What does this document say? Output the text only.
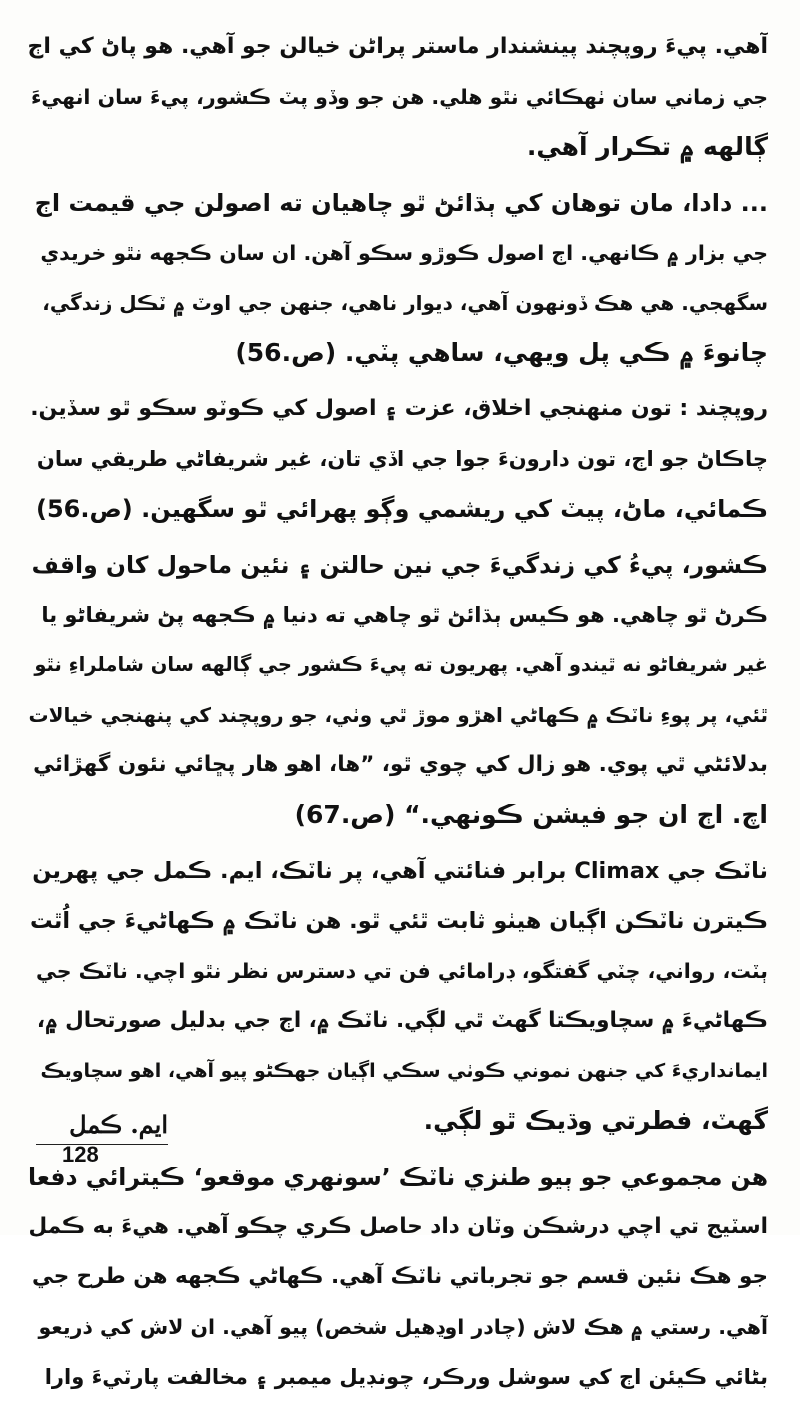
آهي. پيءَ روپچند پينشندار ماستر پراڻن خيالن جو آهي. هو پاڻ کي اڄ
جي زماني سان ٺهڪائي نٿو هلي. هن جو وڏو پٽ ڪشور، پيءَ سان انهيءَ
ڳالهه ۾ تڪرار آهي.
... دادا، مان توهان کي ٻڌائڻ ٿو چاهيان ته اصولن جي قيمت اڄ
جي بزار ۾ ڪانهي. اڄ اصول ڪوڙو سڪو آهن. ان سان ڪجهه نٿو خريدي
سگهجي. هي هڪ ڏونهون آهي، ديوار ناهي، جنهن جي اوٽ ۾ ٽڪل زندگي،
چانوءَ ۾ ڪي پل ويهي، ساهي پٽي. (ص.56)
روپچند : تون منهنجي اخلاق، عزت ۽ اصول کي ڪوٽو سڪو ٿو سڏين.
چاڪاڻ جو اڄ، تون دارونءَ جوا جي اڏي تان، غير شريفاڻي طريقي سان
ڪمائي، ماڻ، پيٽ کي ريشمي وڳو پهرائي ٿو سگهين. (ص.56)
ڪشور، پيءُ کي زندگيءَ جي نين حالتن ۽ نئين ماحول کان واقف
ڪرڻ ٿو چاهي. هو ڪيس ٻڌائڻ ٿو چاهي ته دنيا ۾ ڪجهه پڻ شريفاڻو يا
غير شريفاڻو نه ٿيندو آهي. پهريون ته پيءَ ڪشور جي ڳالهه سان شاملراءِ نٿو
ٿئي، پر پوءِ ناٽڪ ۾ ڪهاڻي اهڙو موڙ ٿي وٺي، جو روپچند کي پنهنجي خيالات
بدلائڻي ٿي پوي. هو زال کي چوي ٿو، ”ها، اهو هار پڇائي نئون گهڙائي
اچ. اڄ ان جو فيشن ڪونهي.“ (ص.67)
ناٽڪ جي Climax برابر فنائتي آهي، پر ناٽڪ، ايم. ڪمل جي پهرين
ڪيترن ناٽڪن اڳيان هيٺو ثابت ٿئي ٿو. هن ناٽڪ ۾ ڪهاڻيءَ جي اُٿت
ٻٽت، رواني، چٽي گفتگو، ڊرامائي فن تي دسترس نظر نٿو اچي. ناٽڪ جي
ڪهاڻيءَ ۾ سچاويڪتا گهٽ ٿي لڳي. ناٽڪ ۾، اڄ جي بدليل صورتحال ۾،
ايمانداريءَ کي جنهن نموني ڪوٺي سڪي اڳيان جهڪڻو پيو آهي، اهو سچاويڪ
گهٽ، فطرتي وڌيڪ ٿو لڳي.
هن مجموعي جو ٻيو طنزي ناٽڪ ’سونهري موقعو‘ ڪيترائي دفعا
اسٽيج تي اچي درشڪن وٽان داد حاصل ڪري چڪو آهي. هيءَ به ڪمل
جو هڪ نئين قسم جو تجرباتي ناٽڪ آهي. ڪهاڻي ڪجهه هن طرح جي
آهي. رستي ۾ هڪ لاش (چادر اوڍهيل شخص) پيو آهي. ان لاش کي ذريعو
بڻائي ڪيئن اڄ کي سوشل ورڪر، چونڊيل ميمبر ۽ مخالفت پارٽيءَ وارا
ايم. ڪمل
128
